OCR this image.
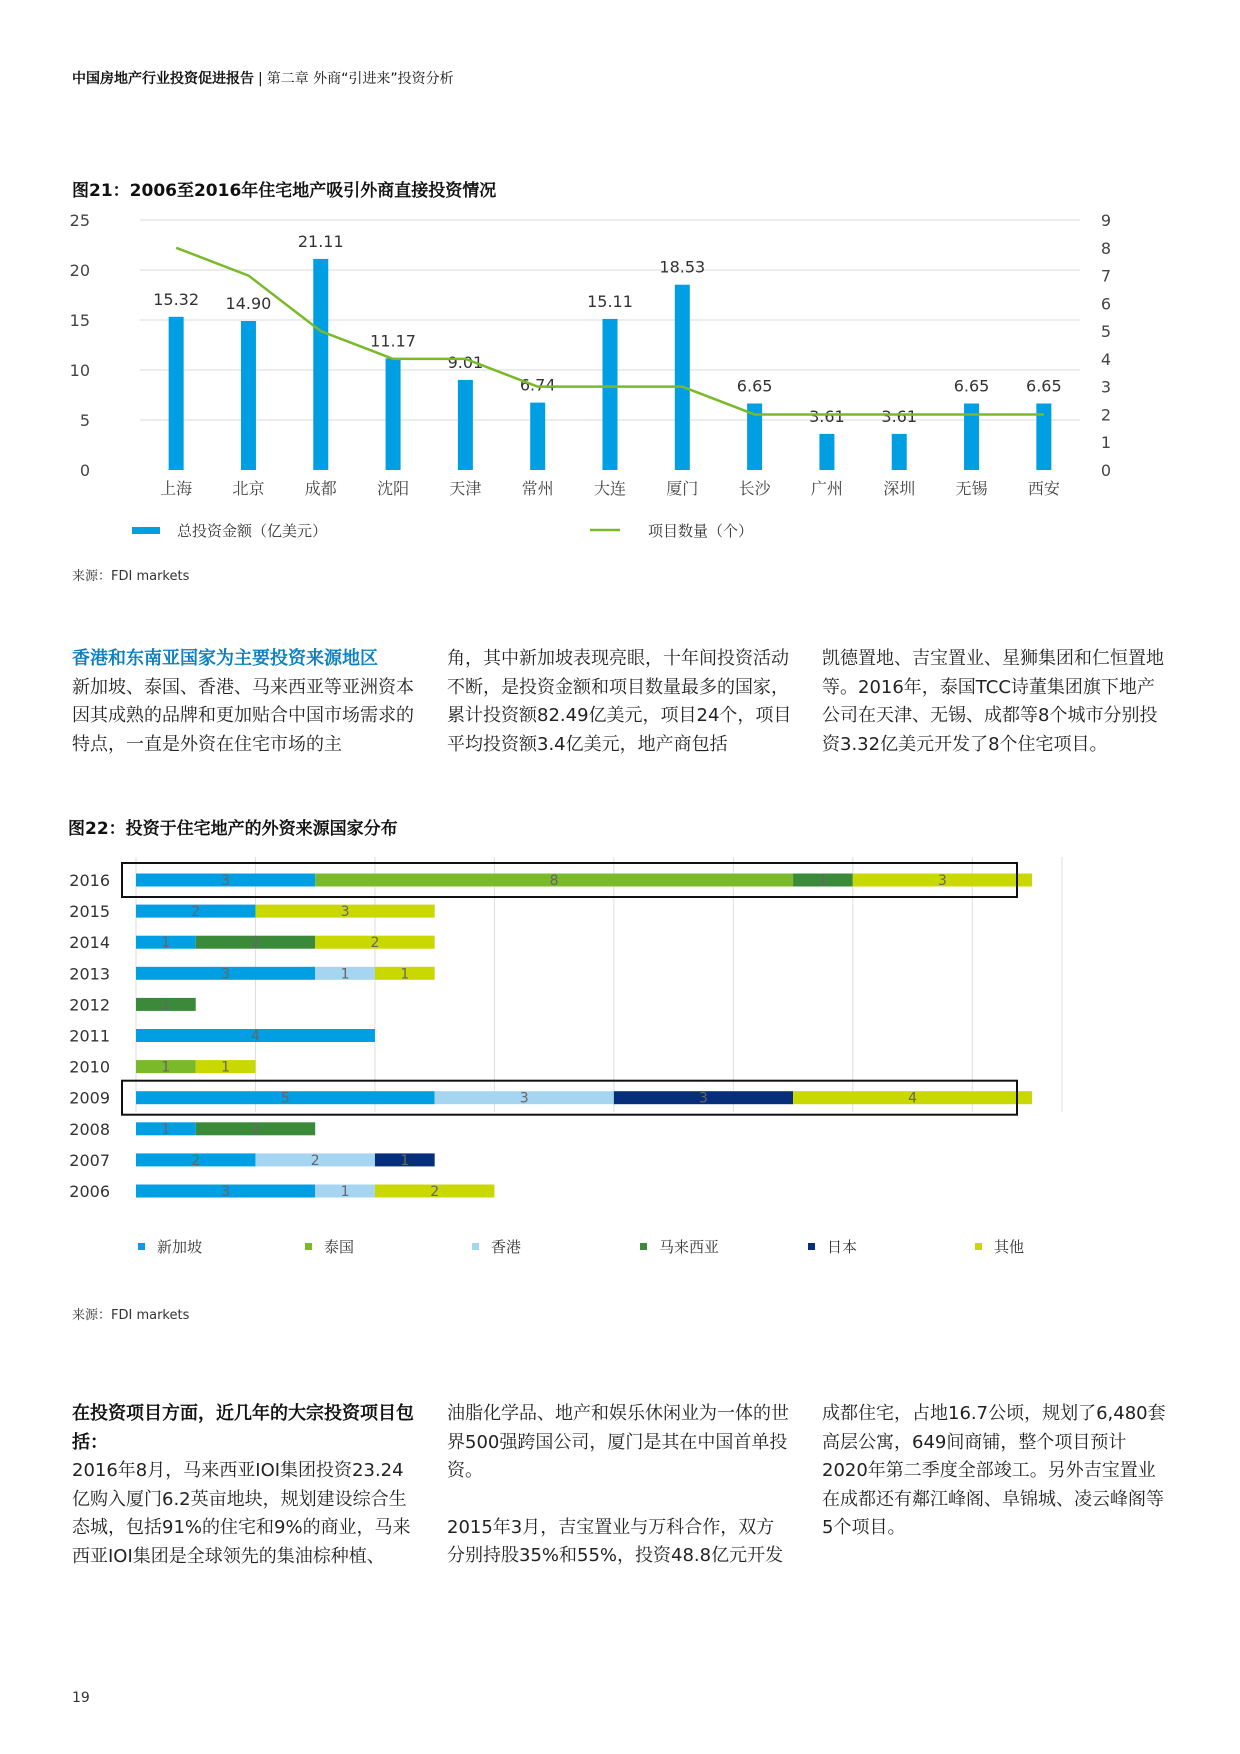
中国房地产行业投资促进报告 | 第二章 外商“引进来”投资分析
图21：2006至2016年住宅地产吸引外商直接投资情况
0
5
10
15
20
25
0
1
2
3
4
5
6
7
8
9
15.32
上海
14.90
北京
21.11
成都
11.17
沈阳
9.01
天津
6.74
常州
15.11
大连
18.53
厦门
6.65
长沙
3.61
广州
3.61
深圳
6.65
无锡
6.65
西安
总投资金额（亿美元）	项目数量（个）
来源：FDI markets
香港和东南亚国家为主要投资来源地区
新加坡、泰国、香港、马来西亚等亚洲资本因其成熟的品牌和更加贴合中国市场需求的特点，一直是外资在住宅市场的主
角，其中新加坡表现亮眼，十年间投资活动不断，是投资金额和项目数量最多的国家，累计投资额82.49亿美元，项目24个，项目平均投资额3.4亿美元，地产商包括
凯德置地、吉宝置业、星狮集团和仁恒置地等。2016年，泰国TCC诗董集团旗下地产公司在天津、无锡、成都等8个城市分别投资3.32亿美元开发了8个住宅项目。
图22：投资于住宅地产的外资来源国家分布
2016	3	8	1	3
2015	2	3
2014	1	2	2
2013	3	1	1
2012	1
2011	4
2010	1	1
2009	5	3	3	4
2008	1	2
2007	2	2	1
2006	3	1	2
新加坡	泰国	香港	马来西亚	日本	其他
来源：FDI markets
在投资项目方面，近几年的大宗投资项目包括：
2016年8月，马来西亚IOI集团投资23.24亿购入厦门6.2英亩地块，规划建设综合生态城，包括91%的住宅和9%的商业，马来西亚IOI集团是全球领先的集油棕种植、

油脂化学品、地产和娱乐休闲业为一体的世界500强跨国公司，厦门是其在中国首单投资。

2015年3月，吉宝置业与万科合作，双方分别持股35%和55%，投资48.8亿元开发

成都住宅，占地16.7公顷，规划了6,480套高层公寓，649间商铺，整个项目预计2020年第二季度全部竣工。另外吉宝置业在成都还有鄰江峰阁、阜锦城、凌云峰阁等5个项目。
19
